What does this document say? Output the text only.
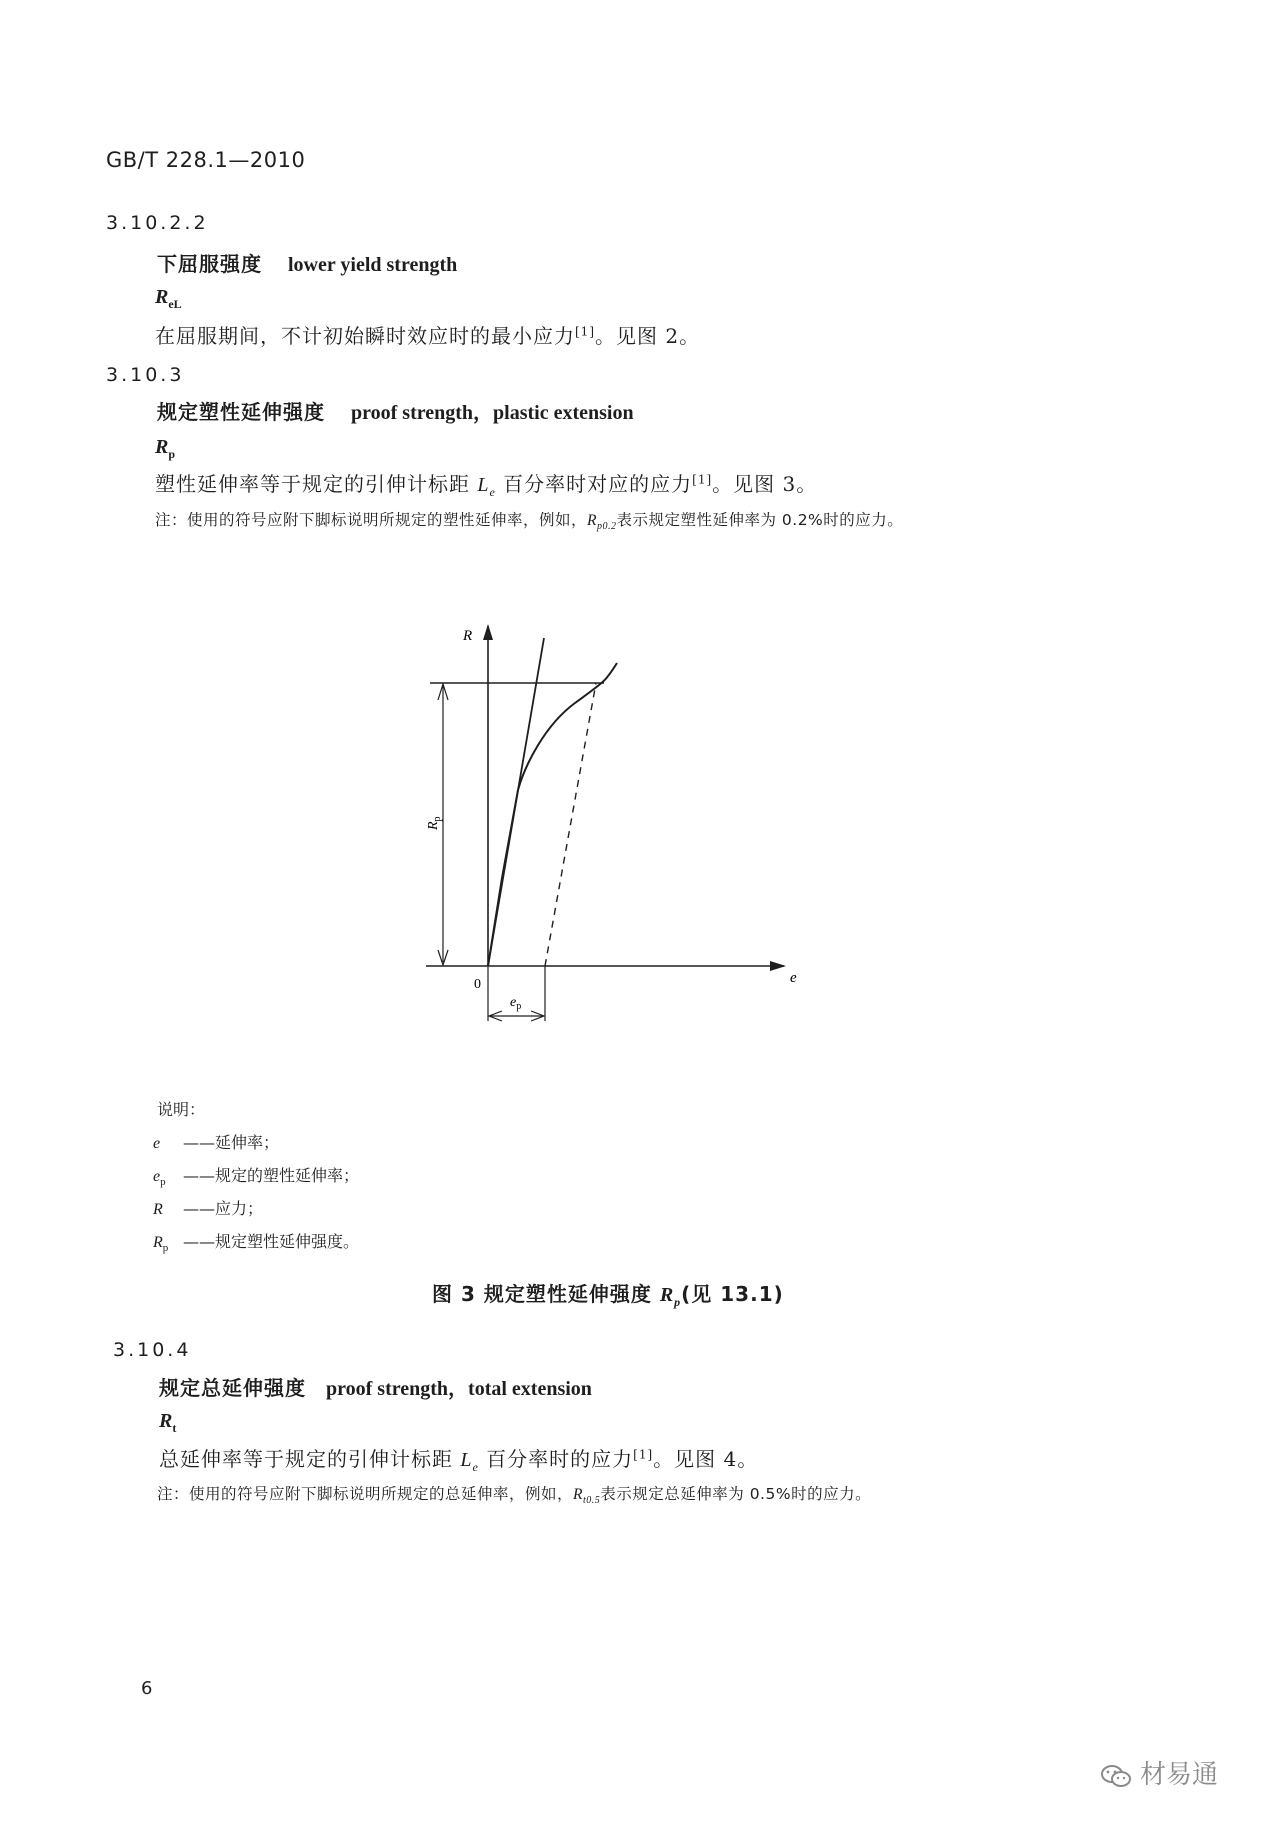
GB/T 228.1—2010
3.10.2.2
下屈服强度 lower yield strength
$R_{eL}$
在屈服期间，不计初始瞬时效应时的最小应力[1]。见图 2。
3.10.3
规定塑性延伸强度 proof strength，plastic extension
$R_p$
塑性延伸率等于规定的引伸计标距 $L_e$ 百分率时对应的应力[1]。见图 3。
注：使用的符号应附下脚标说明所规定的塑性延伸率，例如，$R_{p0.2}$表示规定塑性延伸率为 0.2%时的应力。
R
e
0
$R_p$
$e_p$
说明：
e ——延伸率；
$e_p$ ——规定的塑性延伸率；
R ——应力；
$R_p$ ——规定塑性延伸强度。
图 3 规定塑性延伸强度 $R_p$(见 13.1)
3.10.4
规定总延伸强度 proof strength，total extension
$R_t$
总延伸率等于规定的引伸计标距 $L_e$ 百分率时的应力[1]。见图 4。
注：使用的符号应附下脚标说明所规定的总延伸率，例如，$R_{t0.5}$表示规定总延伸率为 0.5%时的应力。
6
材易通
